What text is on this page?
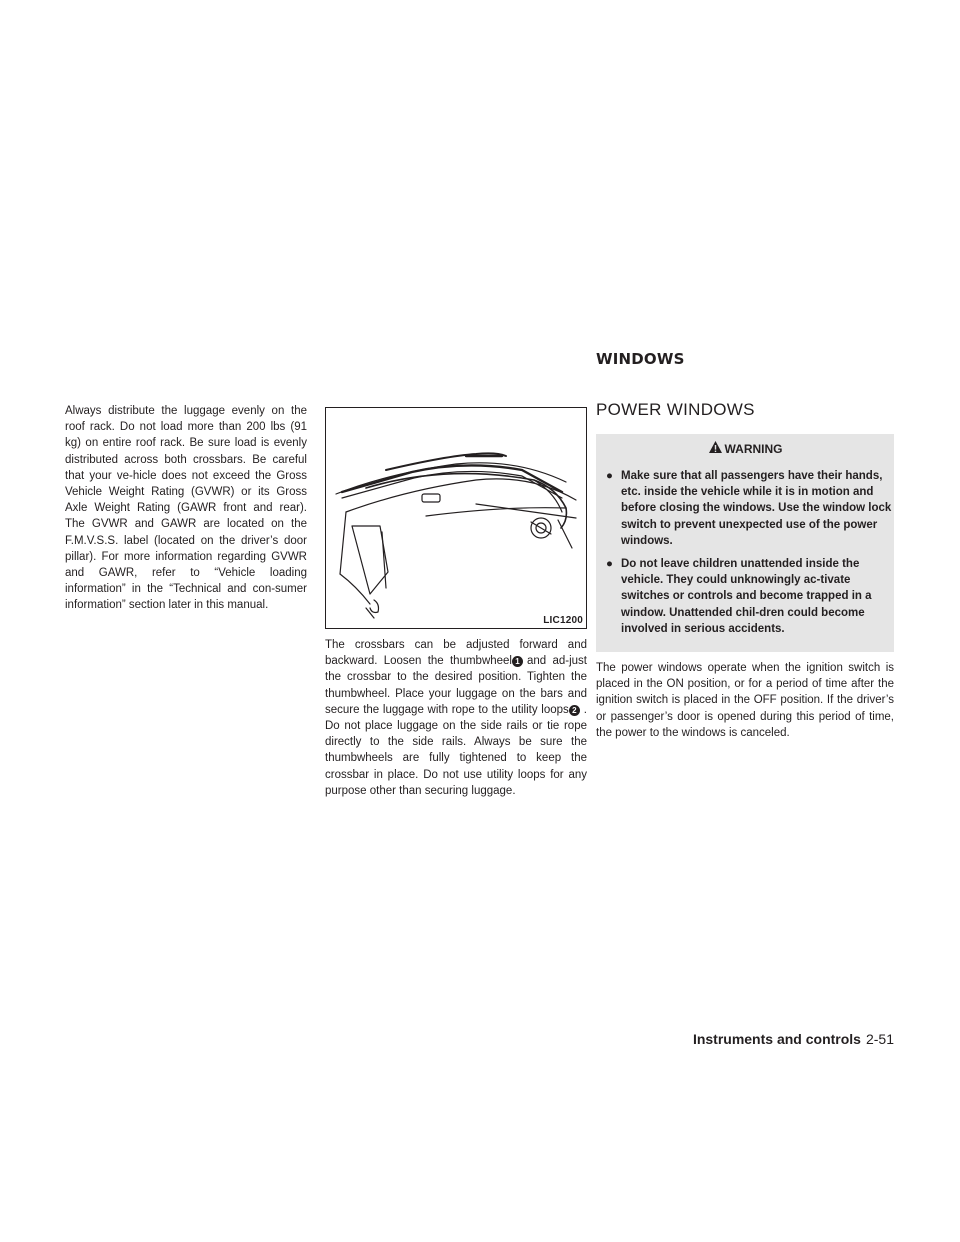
Always distribute the luggage evenly on the roof rack. Do not load more than 200 lbs (91 kg) on entire roof rack. Be sure load is evenly distributed across both crossbars. Be careful that your ve-hicle does not exceed the Gross Vehicle Weight Rating (GVWR) or its Gross Axle Weight Rating (GAWR front and rear). The GVWR and GAWR are located on the F.M.V.S.S. label (located on the driver’s door pillar). For more information regarding GVWR and GAWR, refer to “Vehicle loading information” in the “Technical and con-sumer information” section later in this manual.

LIC1200

The crossbars can be adjusted forward and backward. Loosen the thumbwheel 1 and ad-just the crossbar to the desired position. Tighten the thumbwheel. Place your luggage on the bars and secure the luggage with rope to the utility loops 2 . Do not place luggage on the side rails or tie rope directly to the side rails. Always be sure the thumbwheels are fully tightened to keep the crossbar in place. Do not use utility loops for any purpose other than securing luggage.

WINDOWS
POWER WINDOWS
WARNING
● Make sure that all passengers have their hands, etc. inside the vehicle while it is in motion and before closing the windows. Use the window lock switch to prevent unexpected use of the power windows.
● Do not leave children unattended inside the vehicle. They could unknowingly ac-tivate switches or controls and become trapped in a window. Unattended chil-dren could become involved in serious accidents.

The power windows operate when the ignition switch is placed in the ON position, or for a period of time after the ignition switch is placed in the OFF position. If the driver’s or passenger’s door is opened during this period of time, the power to the windows is canceled.

Instruments and controls 2-51
